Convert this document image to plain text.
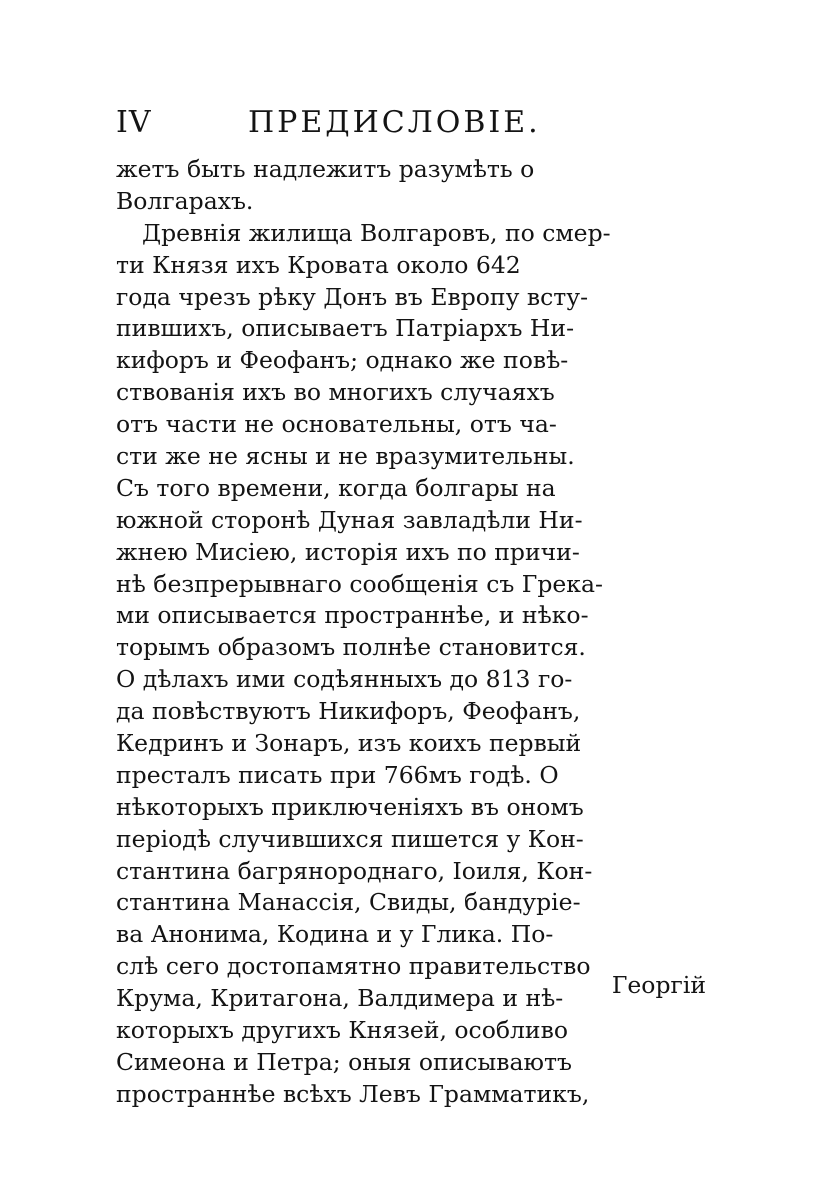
IV	ПРЕДИСЛОВІЕ.
жетъ быть надлежитъ разумѣть о
Волгарахъ.
Древнія жилища Волгаровъ, по смер-
ти Князя ихъ Кровата около 642
года чрезъ рѣку Донъ въ Европу всту-
пившихъ, описываетъ Патріархъ Ни-
кифоръ и Феофанъ; однако же повѣ-
ствованія ихъ во многихъ случаяхъ
отъ части не основательны, отъ ча-
сти же не ясны и не вразумительны.
Съ того времени, когда болгары на
южной сторонѣ Дуная завладѣли Ни-
жнею Мисіею, исторія ихъ по причи-
нѣ безпрерывнаго сообщенія съ Грека-
ми описывается пространнѣе, и нѣко-
торымъ образомъ полнѣе становится.
О дѣлахъ ими содѣянныхъ до 813 го-
да повѣствуютъ Никифоръ, Феофанъ,
Кедринъ и Зонаръ, изъ коихъ первый
престалъ писать при 766мъ годѣ. О
нѣкоторыхъ приключеніяхъ въ ономъ
періодѣ случившихся пишется у Кон-
стантина багрянороднаго, Іоиля, Кон-
стантина Манассія, Свиды, бандуріе-
ва Анонима, Кодина и у Глика. По-
слѣ сего достопамятно правительство
Крума, Критагона, Валдимера и нѣ-
которыхъ другихъ Князей, особливо
Симеона и Петра; оныя описываютъ
пространнѣе всѣхъ Левъ Грамматикъ,
Георгій
